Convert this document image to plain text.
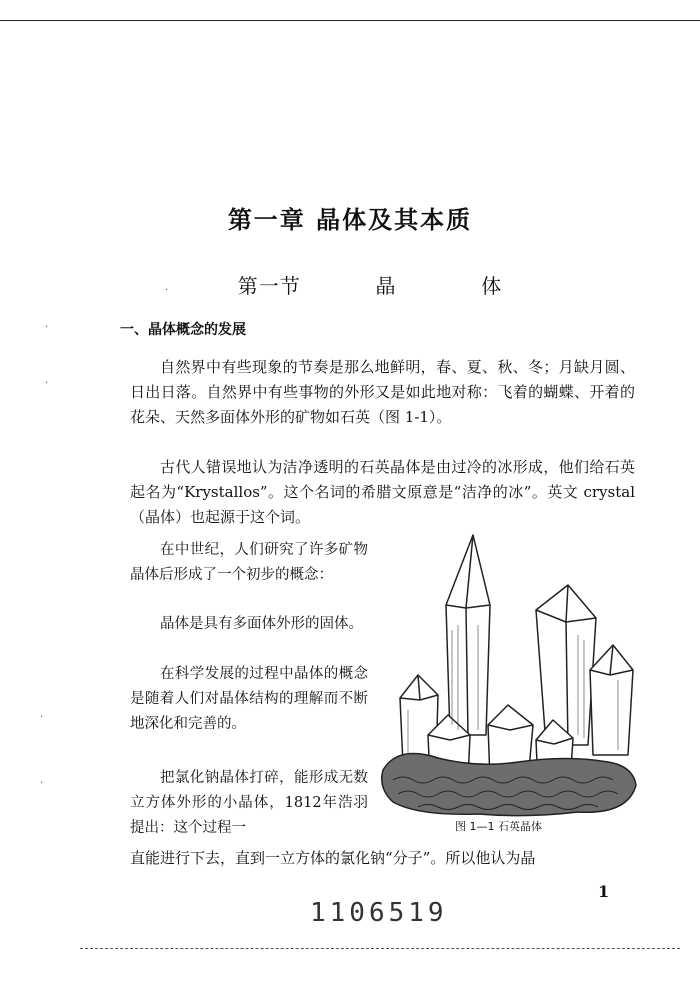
第一章 晶体及其本质
第一节	晶	体
一、晶体概念的发展
自然界中有些现象的节奏是那么地鲜明，春、夏、秋、冬；月缺月圆、日出日落。自然界中有些事物的外形又是如此地对称：飞着的蝴蝶、开着的花朵、天然多面体外形的矿物如石英（图 1-1）。
古代人错误地认为洁净透明的石英晶体是由过冷的冰形成，他们给石英起名为“Krystallos”。这个名词的希腊文原意是“洁净的冰”。英文 crystal（晶体）也起源于这个词。
在中世纪，人们研究了许多矿物晶体后形成了一个初步的概念：
晶体是具有多面体外形的固体。
在科学发展的过程中晶体的概念是随着人们对晶体结构的理解而不断地深化和完善的。
把氯化钠晶体打碎，能形成无数立方体外形的小晶体，1812年浩羽提出：这个过程一
直能进行下去，直到一立方体的氯化钠“分子”。所以他认为晶
图 1—1 石英晶体
1
1106519
·
·
·
·
·
